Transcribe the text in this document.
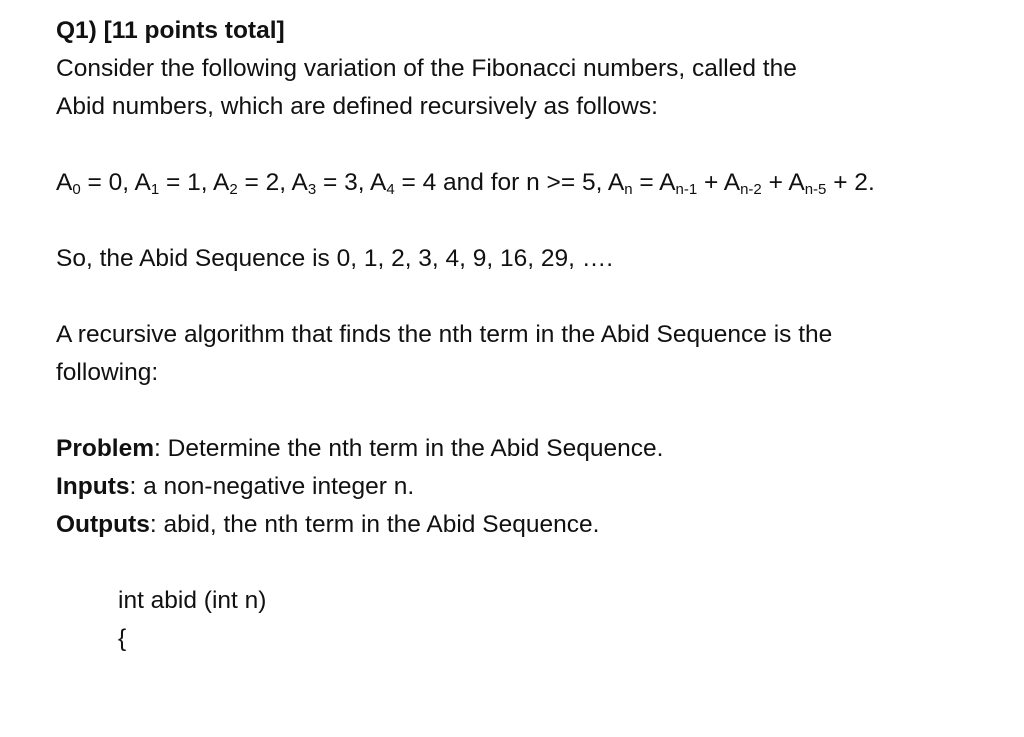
Q1) [11 points total]

Consider the following variation of the Fibonacci numbers, called the

Abid numbers, which are defined recursively as follows:

$A_0 = 0$, $A_1 = 1$, $A_2 = 2$, $A_3 = 3$, $A_4 = 4$ and for n >= 5, $A_n = A_{n-1} + A_{n-2} + A_{n-5} + 2$.

So, the Abid Sequence is 0, 1, 2, 3, 4, 9, 16, 29, ….

A recursive algorithm that finds the nth term in the Abid Sequence is the

following:

Problem: Determine the nth term in the Abid Sequence.

Inputs: a non-negative integer n.

Outputs: abid, the nth term in the Abid Sequence.

int abid (int n)

{
